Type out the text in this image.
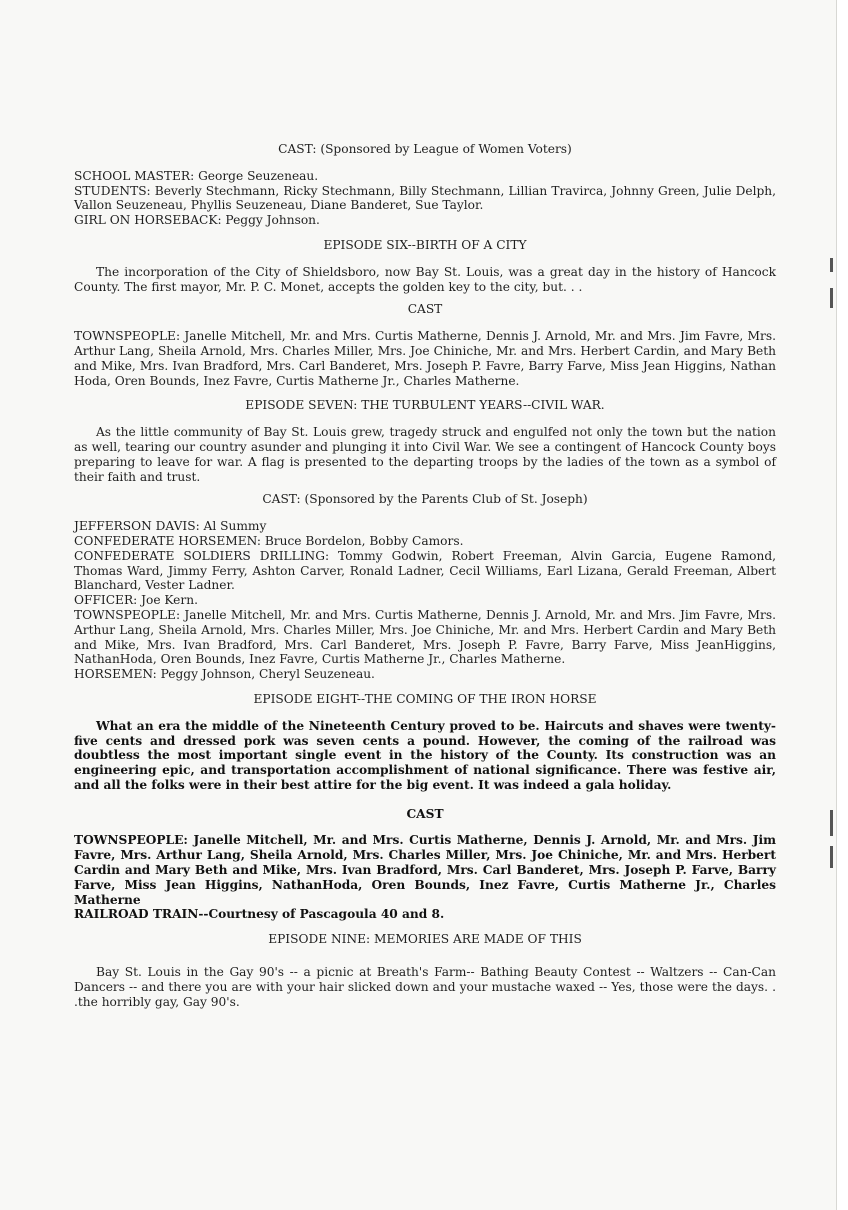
CAST: (Sponsored by League of Women Voters)

SCHOOL MASTER: George Seuzeneau.

STUDENTS: Beverly Stechmann, Ricky Stechmann, Billy Stechmann, Lillian Travirca, Johnny Green, Julie Delph, Vallon Seuzeneau, Phyllis Seuzeneau, Diane Banderet, Sue Taylor.

GIRL ON HORSEBACK: Peggy Johnson.

EPISODE SIX--BIRTH OF A CITY

The incorporation of the City of Shieldsboro, now Bay St. Louis, was a great day in the history of Hancock County. The first mayor, Mr. P. C. Monet, accepts the golden key to the city, but. . .

CAST

TOWNSPEOPLE: Janelle Mitchell, Mr. and Mrs. Curtis Matherne, Dennis J. Arnold, Mr. and Mrs. Jim Favre, Mrs. Arthur Lang, Sheila Arnold, Mrs. Charles Miller, Mrs. Joe Chiniche, Mr. and Mrs. Herbert Cardin, and Mary Beth and Mike, Mrs. Ivan Bradford, Mrs. Carl Banderet, Mrs. Joseph P. Favre, Barry Farve, Miss Jean Higgins, Nathan Hoda, Oren Bounds, Inez Favre, Curtis Matherne Jr., Charles Matherne.

EPISODE SEVEN: THE TURBULENT YEARS--CIVIL WAR.

As the little community of Bay St. Louis grew, tragedy struck and engulfed not only the town but the nation as well, tearing our country asunder and plunging it into Civil War. We see a contingent of Hancock County boys preparing to leave for war. A flag is presented to the departing troops by the ladies of the town as a symbol of their faith and trust.

CAST: (Sponsored by the Parents Club of St. Joseph)

JEFFERSON DAVIS: Al Summy

CONFEDERATE HORSEMEN: Bruce Bordelon, Bobby Camors.

CONFEDERATE SOLDIERS DRILLING: Tommy Godwin, Robert Freeman, Alvin Garcia, Eugene Ramond, Thomas Ward, Jimmy Ferry, Ashton Carver, Ronald Ladner, Cecil Williams, Earl Lizana, Gerald Freeman, Albert Blanchard, Vester Ladner.

OFFICER: Joe Kern.

TOWNSPEOPLE: Janelle Mitchell, Mr. and Mrs. Curtis Matherne, Dennis J. Arnold, Mr. and Mrs. Jim Favre, Mrs. Arthur Lang, Sheila Arnold, Mrs. Charles Miller, Mrs. Joe Chiniche, Mr. and Mrs. Herbert Cardin and Mary Beth and Mike, Mrs. Ivan Bradford, Mrs. Carl Banderet, Mrs. Joseph P. Favre, Barry Farve, Miss JeanHiggins, NathanHoda, Oren Bounds, Inez Favre, Curtis Matherne Jr., Charles Matherne.

HORSEMEN: Peggy Johnson, Cheryl Seuzeneau.

EPISODE EIGHT--THE COMING OF THE IRON HORSE

What an era the middle of the Nineteenth Century proved to be. Haircuts and shaves were twenty-five cents and dressed pork was seven cents a pound. However, the coming of the railroad was doubtless the most important single event in the history of the County. Its construction was an engineering epic, and transportation accomplishment of national significance. There was festive air, and all the folks were in their best attire for the big event. It was indeed a gala holiday.

CAST

TOWNSPEOPLE: Janelle Mitchell, Mr. and Mrs. Curtis Matherne, Dennis J. Arnold, Mr. and Mrs. Jim Favre, Mrs. Arthur Lang, Sheila Arnold, Mrs. Charles Miller, Mrs. Joe Chiniche, Mr. and Mrs. Herbert Cardin and Mary Beth and Mike, Mrs. Ivan Bradford, Mrs. Carl Banderet, Mrs. Joseph P. Farve, Barry Farve, Miss Jean Higgins, NathanHoda, Oren Bounds, Inez Favre, Curtis Matherne Jr., Charles Matherne

RAILROAD TRAIN--Courtnesy of Pascagoula 40 and 8.

EPISODE NINE: MEMORIES ARE MADE OF THIS

Bay St. Louis in the Gay 90's -- a picnic at Breath's Farm-- Bathing Beauty Contest -- Waltzers -- Can-Can Dancers -- and there you are with your hair slicked down and your mustache waxed -- Yes, those were the days. . .the horribly gay, Gay 90's.
